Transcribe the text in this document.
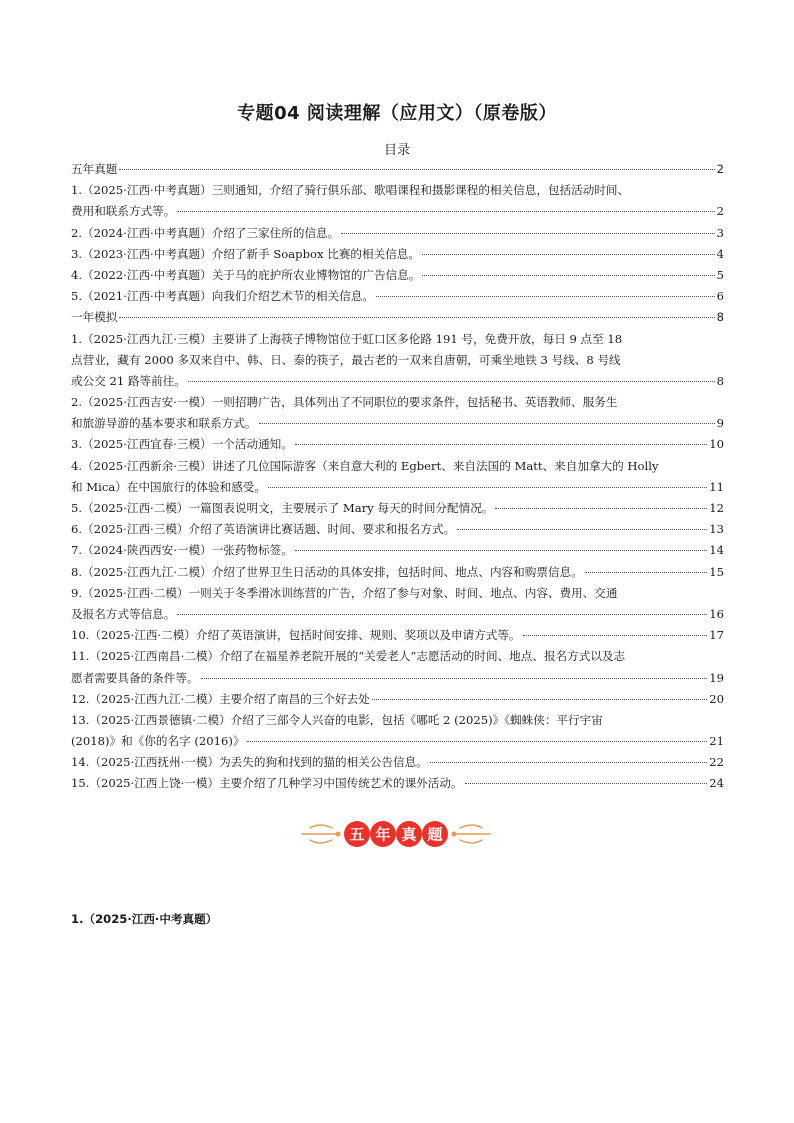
专题04 阅读理解（应用文）（原卷版）
目录
五年真题	2
1.（2025·江西·中考真题）三则通知，介绍了骑行俱乐部、歌唱课程和摄影课程的相关信息，包括活动时间、
费用和联系方式等。	2
2.（2024·江西·中考真题）介绍了三家住所的信息。	3
3.（2023·江西·中考真题）介绍了新手 Soapbox 比赛的相关信息。	4
4.（2022·江西·中考真题）关于马的庇护所农业博物馆的广告信息。	5
5.（2021·江西·中考真题）向我们介绍艺术节的相关信息。	6
一年模拟	8
1.（2025·江西九江·三模）主要讲了上海筷子博物馆位于虹口区多伦路 191 号，免费开放，每日 9 点至 18
点营业，藏有 2000 多双来自中、韩、日、泰的筷子，最古老的一双来自唐朝，可乘坐地铁 3 号线、8 号线
或公交 21 路等前往。	8
2.（2025·江西吉安·一模）一则招聘广告，具体列出了不同职位的要求条件，包括秘书、英语教师、服务生
和旅游导游的基本要求和联系方式。	9
3.（2025·江西宜春·三模）一个活动通知。	10
4.（2025·江西新余·三模）讲述了几位国际游客（来自意大利的 Egbert、来自法国的 Matt、来自加拿大的 Holly
和 Mica）在中国旅行的体验和感受。	11
5.（2025·江西·二模）一篇图表说明文，主要展示了 Mary 每天的时间分配情况。	12
6.（2025·江西·三模）介绍了英语演讲比赛话题、时间、要求和报名方式。	13
7.（2024·陕西西安·一模）一张药物标签。	14
8.（2025·江西九江·二模）介绍了世界卫生日活动的具体安排，包括时间、地点、内容和购票信息。	15
9.（2025·江西·二模）一则关于冬季滑冰训练营的广告，介绍了参与对象、时间、地点、内容、费用、交通
及报名方式等信息。	16
10.（2025·江西·二模）介绍了英语演讲，包括时间安排、规则、奖项以及申请方式等。	17
11.（2025·江西南昌·二模）介绍了在福星养老院开展的“关爱老人”志愿活动的时间、地点、报名方式以及志
愿者需要具备的条件等。	19
12.（2025·江西九江·二模）主要介绍了南昌的三个好去处	20
13.（2025·江西景德镇·二模）介绍了三部令人兴奋的电影，包括《哪吒 2 (2025)》《蜘蛛侠：平行宇宙
(2018)》和《你的名字 (2016)》	21
14.（2025·江西抚州·一模）为丢失的狗和找到的猫的相关公告信息。	22
15.（2025·江西上饶·一模）主要介绍了几种学习中国传统艺术的课外活动。	24
五 年 真 题
1.（2025·江西·中考真题）
